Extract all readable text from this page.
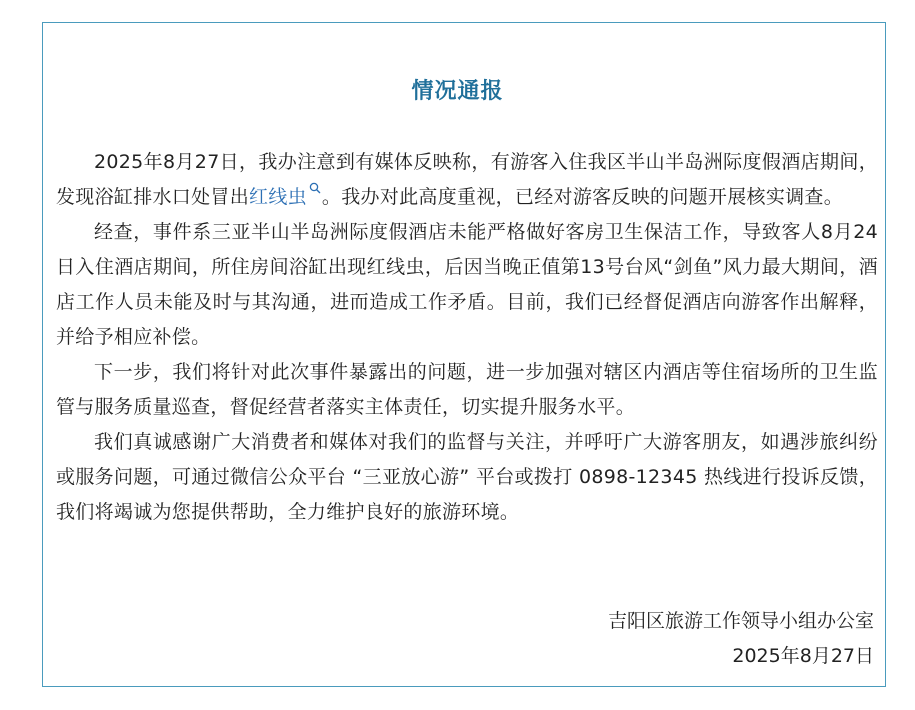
情况通报

2025年8月27日，我办注意到有媒体反映称，有游客入住我区半山半岛洲际度假酒店期间，发现浴缸排水口处冒出红线虫 。我办对此高度重视，已经对游客反映的问题开展核实调查。

经查，事件系三亚半山半岛洲际度假酒店未能严格做好客房卫生保洁工作，导致客人8月24日入住酒店期间，所住房间浴缸出现红线虫，后因当晚正值第13号台风“剑鱼”风力最大期间，酒店工作人员未能及时与其沟通，进而造成工作矛盾。目前，我们已经督促酒店向游客作出解释，并给予相应补偿。

下一步，我们将针对此次事件暴露出的问题，进一步加强对辖区内酒店等住宿场所的卫生监管与服务质量巡查，督促经营者落实主体责任，切实提升服务水平。

我们真诚感谢广大消费者和媒体对我们的监督与关注，并呼吁广大游客朋友，如遇涉旅纠纷或服务问题，可通过微信公众平台 “三亚放心游” 平台或拨打 0898-12345 热线进行投诉反馈，我们将竭诚为您提供帮助，全力维护良好的旅游环境。

吉阳区旅游工作领导小组办公室
2025年8月27日
